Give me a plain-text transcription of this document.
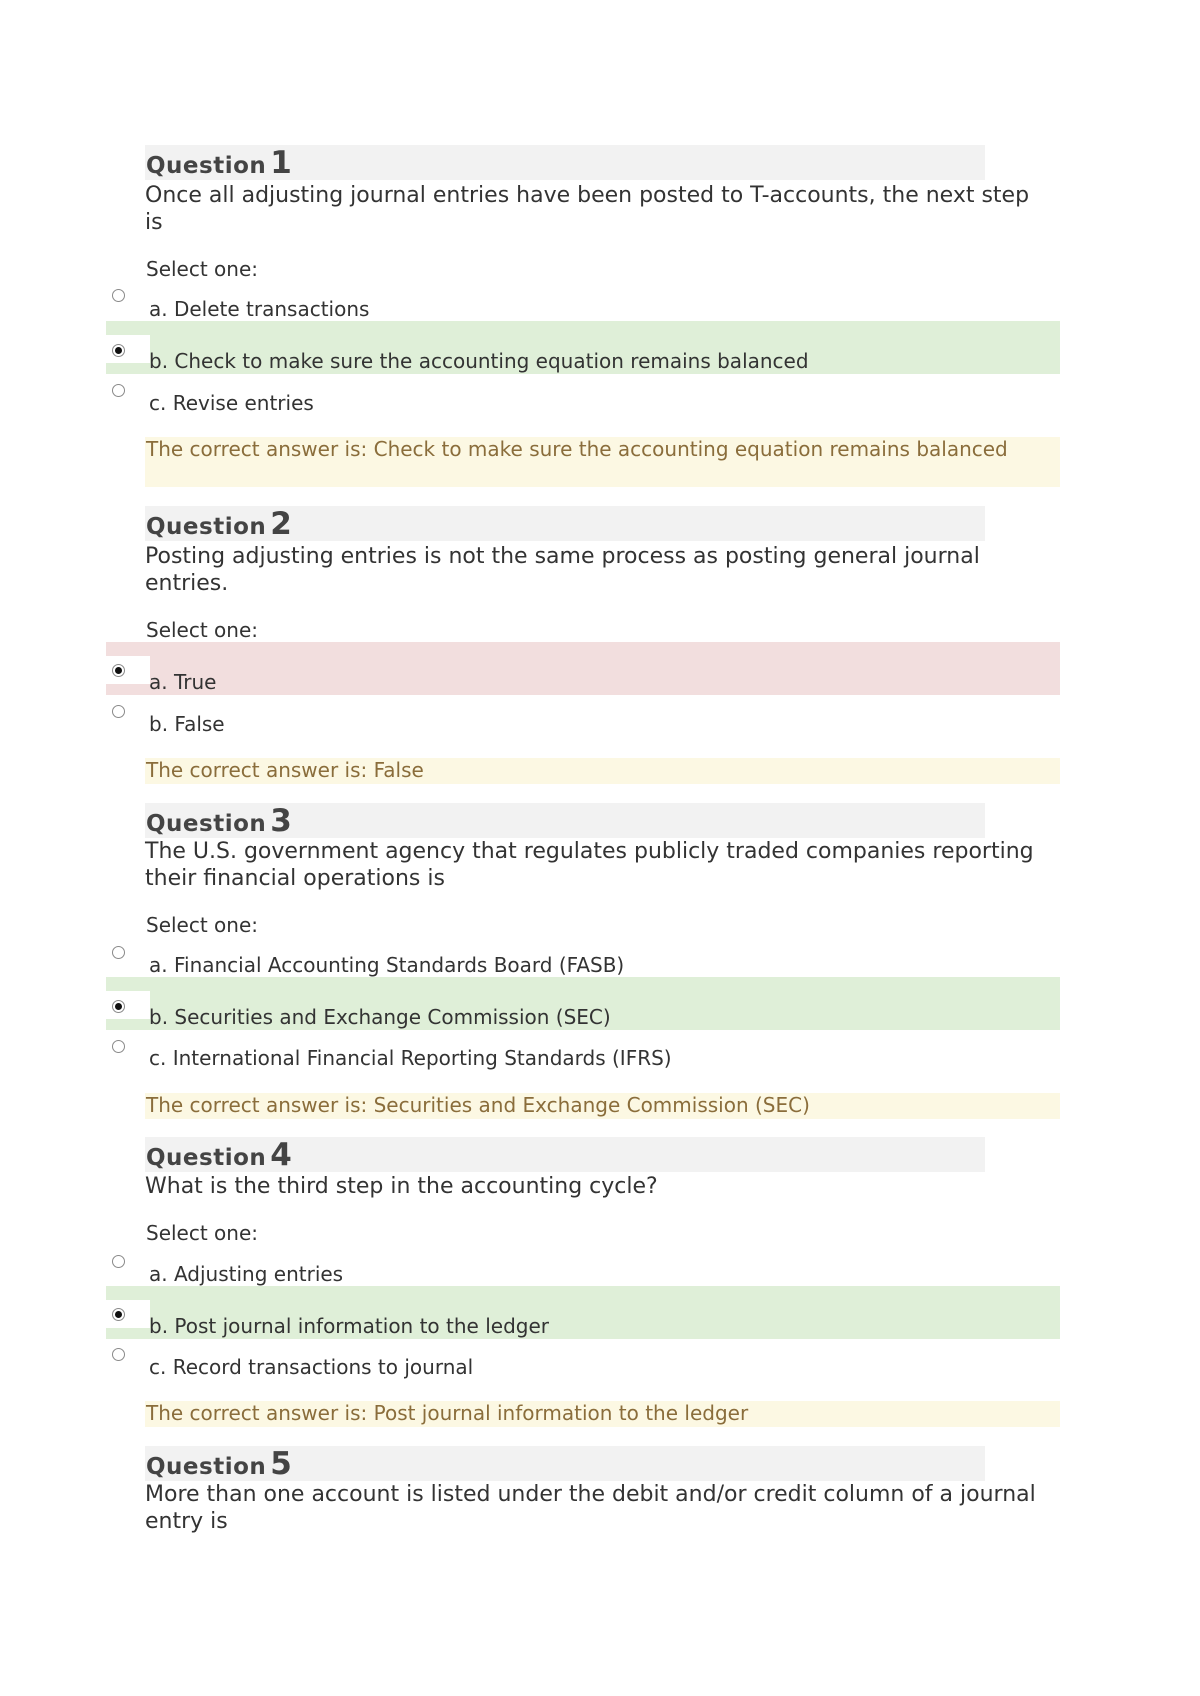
Question 1
Once all adjusting journal entries have been posted to T-accounts, the next step is
Select one:
a. Delete transactions
b. Check to make sure the accounting equation remains balanced
c. Revise entries
The correct answer is: Check to make sure the accounting equation remains balanced
Question 2
Posting adjusting entries is not the same process as posting general journal entries.
Select one:
a. True
b. False
The correct answer is: False
Question 3
The U.S. government agency that regulates publicly traded companies reporting their financial operations is
Select one:
a. Financial Accounting Standards Board (FASB)
b. Securities and Exchange Commission (SEC)
c. International Financial Reporting Standards (IFRS)
The correct answer is: Securities and Exchange Commission (SEC)
Question 4
What is the third step in the accounting cycle?
Select one:
a. Adjusting entries
b. Post journal information to the ledger
c. Record transactions to journal
The correct answer is: Post journal information to the ledger
Question 5
More than one account is listed under the debit and/or credit column of a journal entry is
